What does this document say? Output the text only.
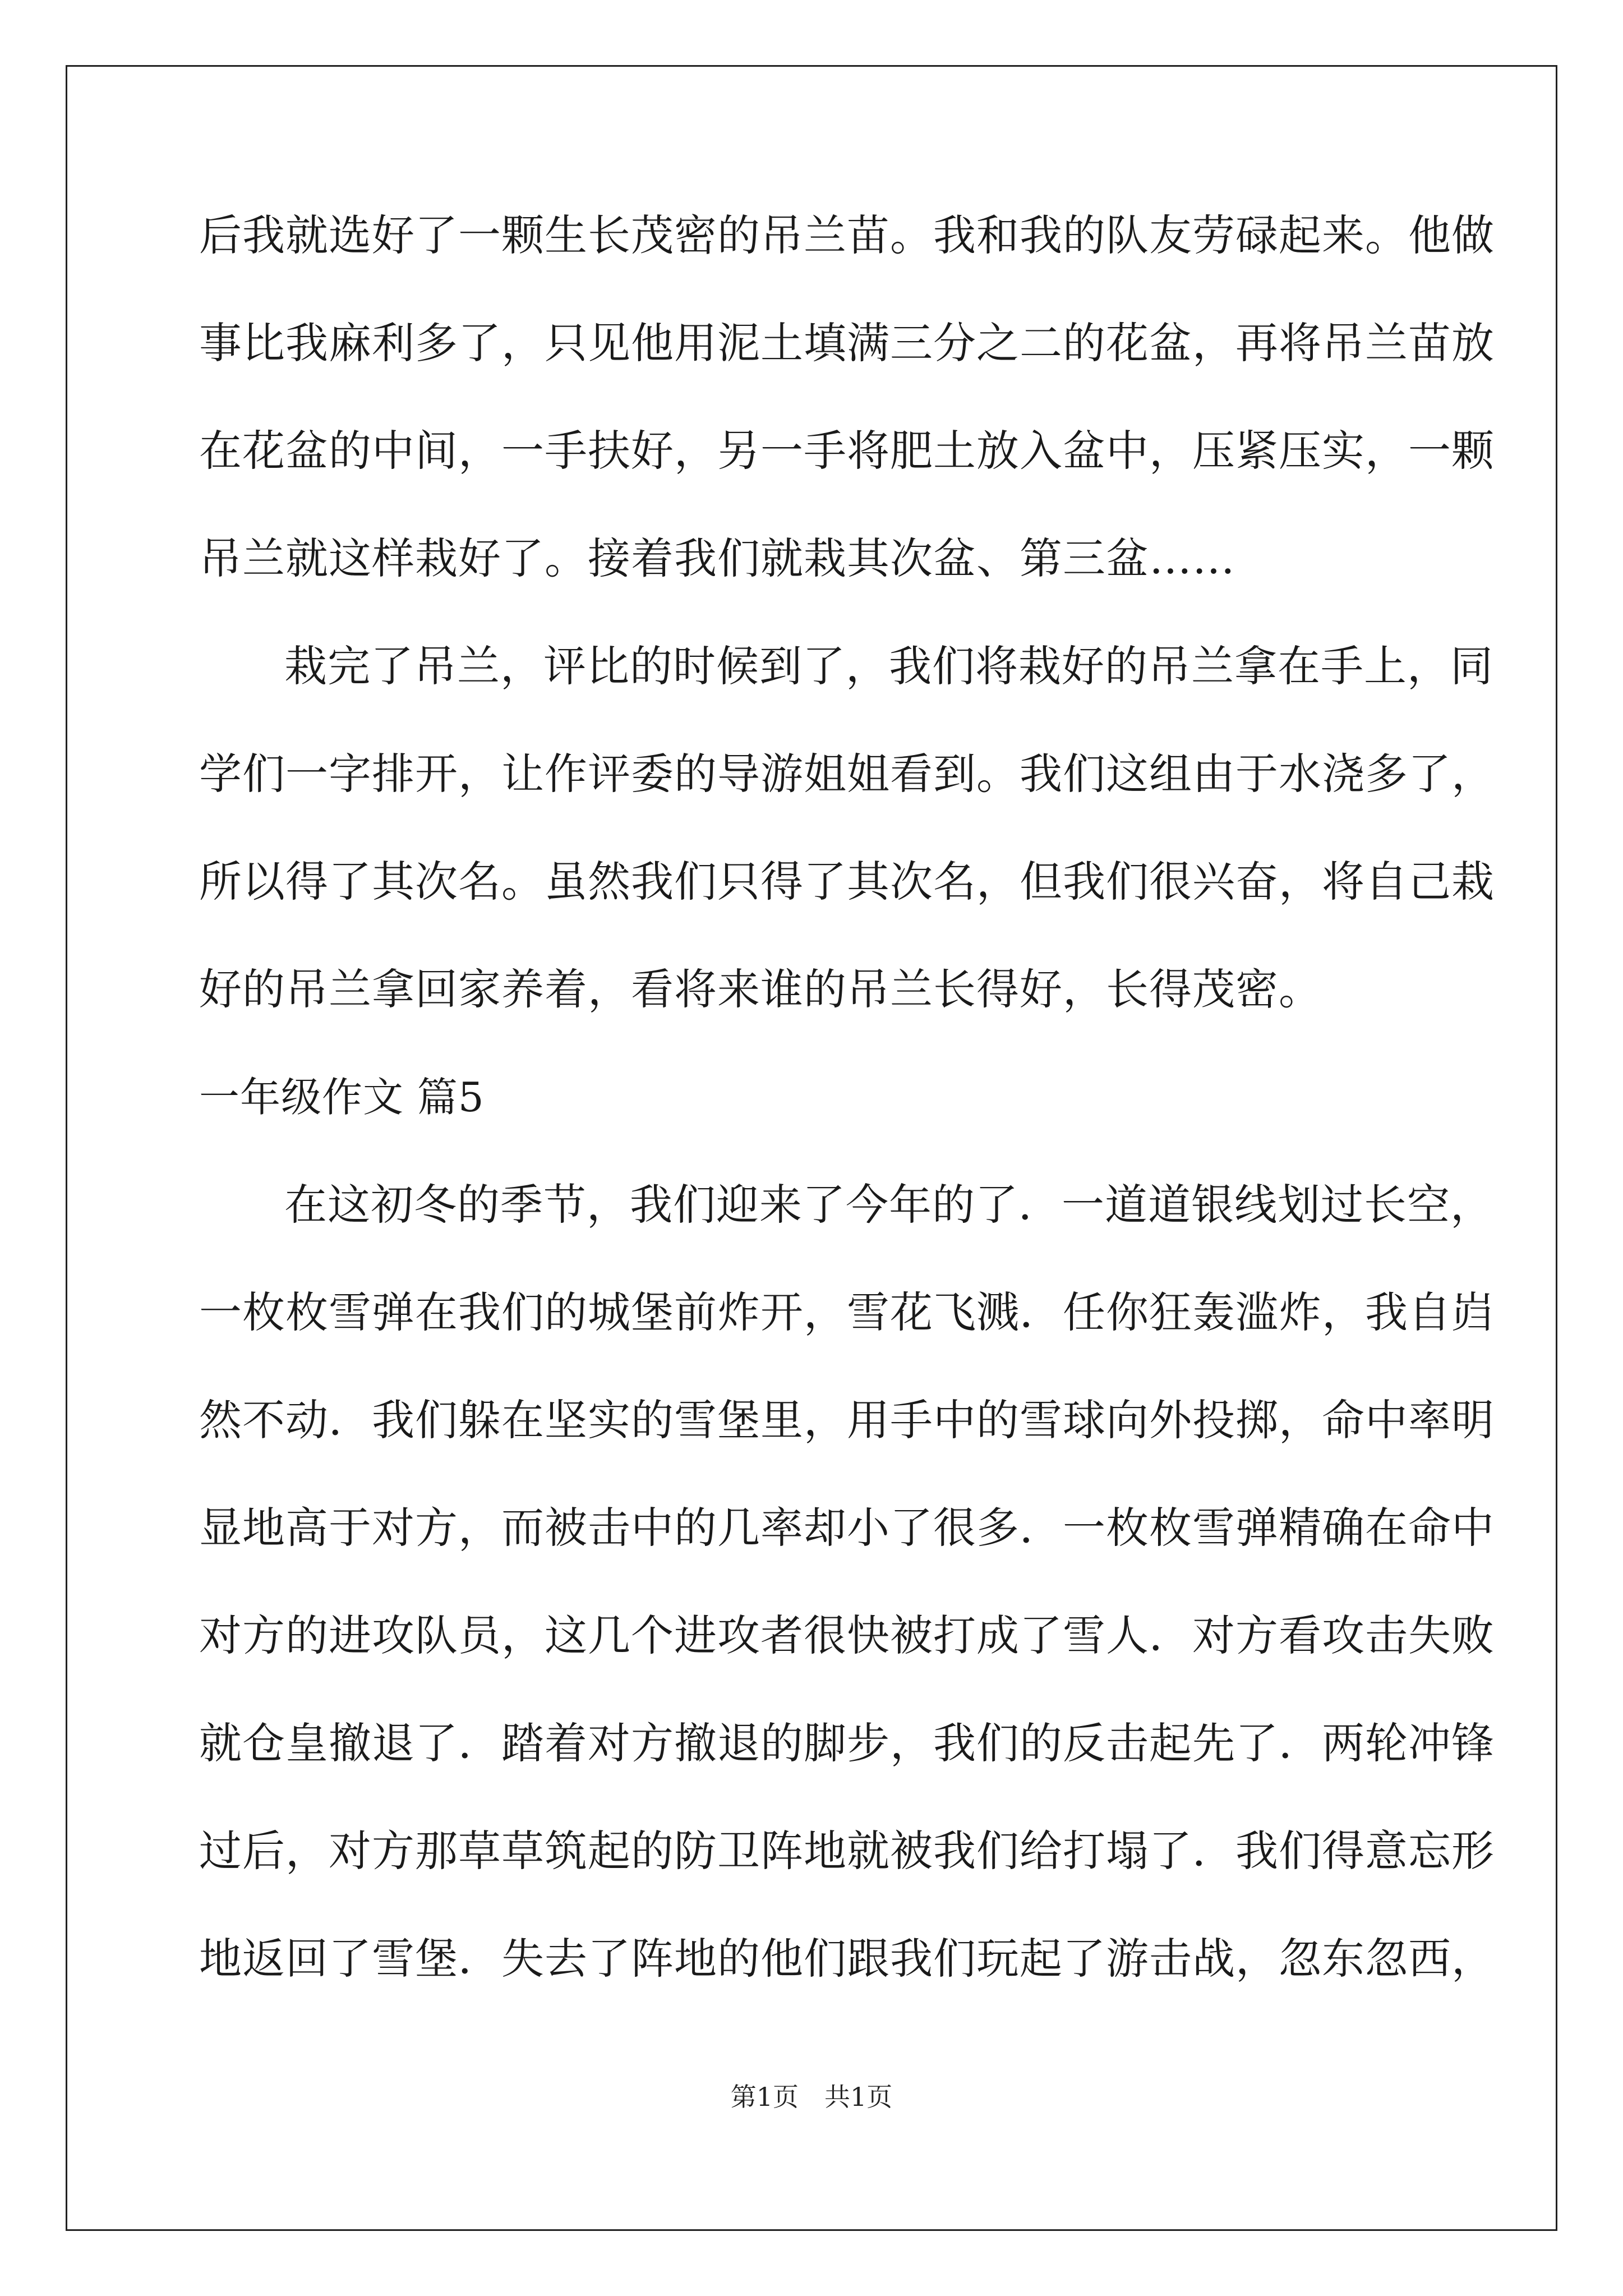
后我就选好了一颗生长茂密的吊兰苗。我和我的队友劳碌起来。他做
事比我麻利多了，只见他用泥土填满三分之二的花盆，再将吊兰苗放
在花盆的中间，一手扶好，另一手将肥土放入盆中，压紧压实，一颗
吊兰就这样栽好了。接着我们就栽其次盆、第三盆……
栽完了吊兰，评比的时候到了，我们将栽好的吊兰拿在手上，同
学们一字排开，让作评委的导游姐姐看到。我们这组由于水浇多了，
所以得了其次名。虽然我们只得了其次名，但我们很兴奋，将自己栽
好的吊兰拿回家养着，看将来谁的吊兰长得好，长得茂密。
一年级作文 篇5
在这初冬的季节，我们迎来了今年的了．一道道银线划过长空，
一枚枚雪弹在我们的城堡前炸开，雪花飞溅．任你狂轰滥炸，我自岿
然不动．我们躲在坚实的雪堡里，用手中的雪球向外投掷，命中率明
显地高于对方，而被击中的几率却小了很多．一枚枚雪弹精确在命中
对方的进攻队员，这几个进攻者很快被打成了雪人．对方看攻击失败
就仓皇撤退了．踏着对方撤退的脚步，我们的反击起先了．两轮冲锋
过后，对方那草草筑起的防卫阵地就被我们给打塌了．我们得意忘形
地返回了雪堡．失去了阵地的他们跟我们玩起了游击战，忽东忽西，
第1页 共1页
